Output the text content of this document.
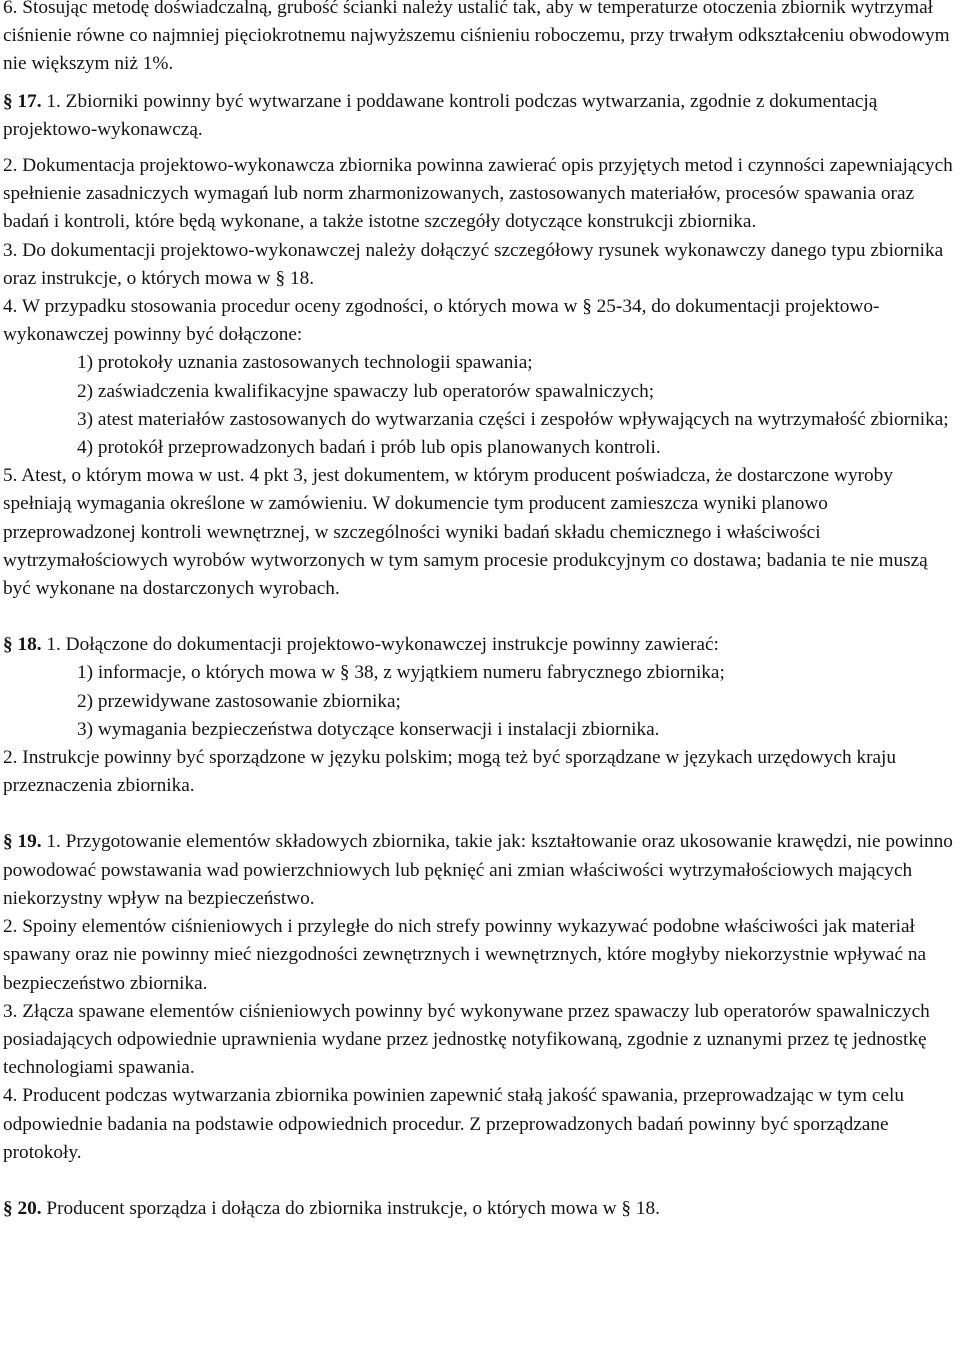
6. Stosując metodę doświadczalną, grubość ścianki należy ustalić tak, aby w temperaturze otoczenia zbiornik wytrzymał ciśnienie równe co najmniej pięciokrotnemu najwyższemu ciśnieniu roboczemu, przy trwałym odkształceniu obwodowym nie większym niż 1%.

§ 17. 1. Zbiorniki powinny być wytwarzane i poddawane kontroli podczas wytwarzania, zgodnie z dokumentacją projektowo-wykonawczą.

2. Dokumentacja projektowo-wykonawcza zbiornika powinna zawierać opis przyjętych metod i czynności zapewniających spełnienie zasadniczych wymagań lub norm zharmonizowanych, zastosowanych materiałów, procesów spawania oraz badań i kontroli, które będą wykonane, a także istotne szczegóły dotyczące konstrukcji zbiornika.

3. Do dokumentacji projektowo-wykonawczej należy dołączyć szczegółowy rysunek wykonawczy danego typu zbiornika oraz instrukcje, o których mowa w § 18.

4. W przypadku stosowania procedur oceny zgodności, o których mowa w § 25-34, do dokumentacji projektowo-wykonawczej powinny być dołączone:

1) protokoły uznania zastosowanych technologii spawania;

2) zaświadczenia kwalifikacyjne spawaczy lub operatorów spawalniczych;

3) atest materiałów zastosowanych do wytwarzania części i zespołów wpływających na wytrzymałość zbiornika;

4) protokół przeprowadzonych badań i prób lub opis planowanych kontroli.

5. Atest, o którym mowa w ust. 4 pkt 3, jest dokumentem, w którym producent poświadcza, że dostarczone wyroby spełniają wymagania określone w zamówieniu. W dokumencie tym producent zamieszcza wyniki planowo przeprowadzonej kontroli wewnętrznej, w szczególności wyniki badań składu chemicznego i właściwości wytrzymałościowych wyrobów wytworzonych w tym samym procesie produkcyjnym co dostawa; badania te nie muszą być wykonane na dostarczonych wyrobach.

§ 18. 1. Dołączone do dokumentacji projektowo-wykonawczej instrukcje powinny zawierać:

1) informacje, o których mowa w § 38, z wyjątkiem numeru fabrycznego zbiornika;

2) przewidywane zastosowanie zbiornika;

3) wymagania bezpieczeństwa dotyczące konserwacji i instalacji zbiornika.

2. Instrukcje powinny być sporządzone w języku polskim; mogą też być sporządzane w językach urzędowych kraju przeznaczenia zbiornika.

§ 19. 1. Przygotowanie elementów składowych zbiornika, takie jak: kształtowanie oraz ukosowanie krawędzi, nie powinno powodować powstawania wad powierzchniowych lub pęknięć ani zmian właściwości wytrzymałościowych mających niekorzystny wpływ na bezpieczeństwo.

2. Spoiny elementów ciśnieniowych i przyległe do nich strefy powinny wykazywać podobne właściwości jak materiał spawany oraz nie powinny mieć niezgodności zewnętrznych i wewnętrznych, które mogłyby niekorzystnie wpływać na bezpieczeństwo zbiornika.

3. Złącza spawane elementów ciśnieniowych powinny być wykonywane przez spawaczy lub operatorów spawalniczych posiadających odpowiednie uprawnienia wydane przez jednostkę notyfikowaną, zgodnie z uznanymi przez tę jednostkę technologiami spawania.

4. Producent podczas wytwarzania zbiornika powinien zapewnić stałą jakość spawania, przeprowadzając w tym celu odpowiednie badania na podstawie odpowiednich procedur. Z przeprowadzonych badań powinny być sporządzane protokoły.

§ 20. Producent sporządza i dołącza do zbiornika instrukcje, o których mowa w § 18.
